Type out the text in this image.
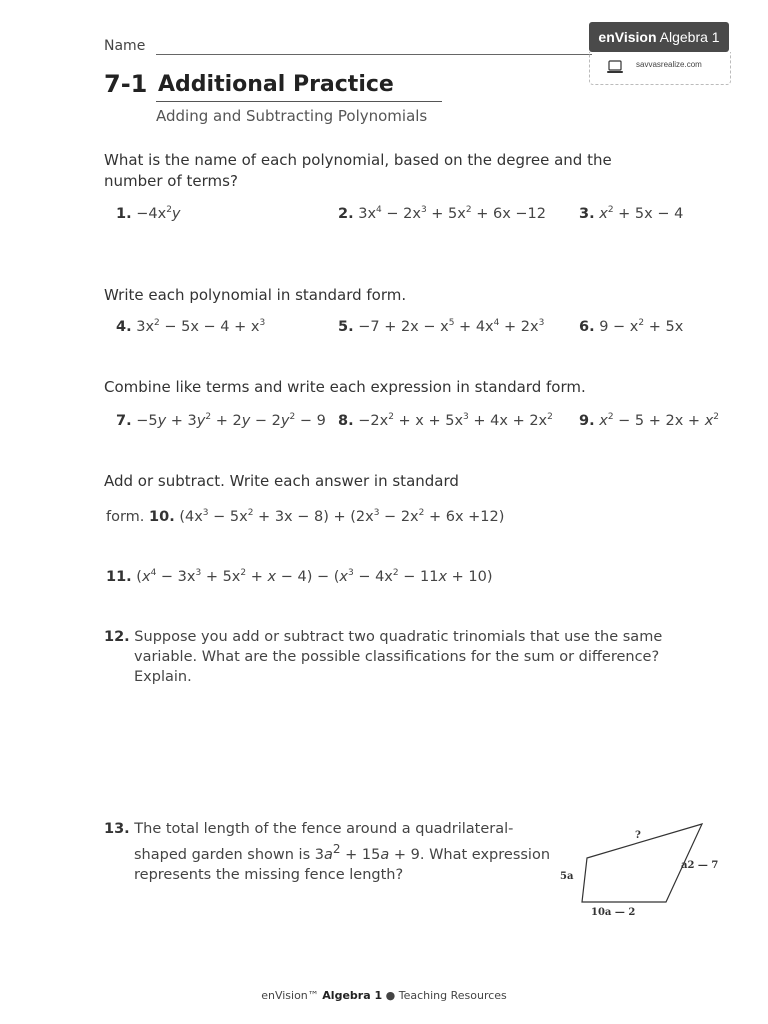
Name
enVision Algebra 1
savvasrealize.com
7-1 Additional Practice
Adding and Subtracting Polynomials
What is the name of each polynomial, based on the degree and the number of terms?
1. $-4x^2y$	2. $3x^4 - 2x^3 + 5x^2 + 6x -12$ 3. $x^2 + 5x - 4$
Write each polynomial in standard form.
4. $3x^2 - 5x - 4 + x^3$	5. $-7 + 2x - x^5 + 4x^4 + 2x^3$ 6. $9 - x^2 + 5x$
Combine like terms and write each expression in standard form.
7. $-5y + 3y^2 + 2y - 2y^2 - 9$ 8. $-2x^2 + x + 5x^3 + 4x + 2x^2$ 9. $x^2 - 5 + 2x + x^2$
Add or subtract. Write each answer in standard
form. 10. $(4x^3 - 5x^2 + 3x - 8) + (2x^3 - 2x^2 + 6x +12)$
11. $(x^4 - 3x^3 + 5x^2 + x - 4) - (x^3 - 4x^2 - 11x + 10)$
12. Suppose you add or subtract two quadratic trinomials that use the same variable. What are the possible classifications for the sum or difference? Explain.
13. The total length of the fence around a quadrilateral-shaped garden shown is $3a^2 + 15a + 9$. What expression represents the missing fence length?
?
a2 — 7
5a
10a — 2
enVision™ Algebra 1 ● Teaching Resources
